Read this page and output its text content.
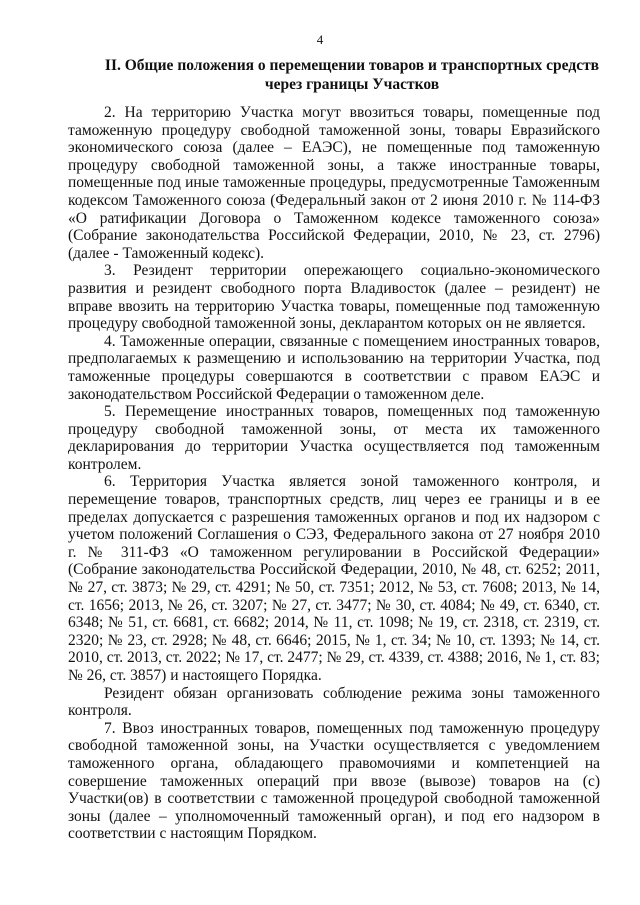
4
II. Общие положения о перемещении товаров и транспортных средств
через границы Участков

2. На территорию Участка могут ввозиться товары, помещенные под таможенную процедуру свободной таможенной зоны, товары Евразийского экономического союза (далее – ЕАЭС), не помещенные под таможенную процедуру свободной таможенной зоны, а также иностранные товары, помещенные под иные таможенные процедуры, предусмотренные Таможенным кодексом Таможенного союза (Федеральный закон от 2 июня 2010 г. № 114-ФЗ «О ратификации Договора о Таможенном кодексе таможенного союза» (Собрание законодательства Российской Федерации, 2010, № 23, ст. 2796) (далее - Таможенный кодекс).

3. Резидент территории опережающего социально-экономического развития и резидент свободного порта Владивосток (далее – резидент) не вправе ввозить на территорию Участка товары, помещенные под таможенную процедуру свободной таможенной зоны, декларантом которых он не является.

4. Таможенные операции, связанные с помещением иностранных товаров, предполагаемых к размещению и использованию на территории Участка, под таможенные процедуры совершаются в соответствии с правом ЕАЭС и законодательством Российской Федерации о таможенном деле.

5. Перемещение иностранных товаров, помещенных под таможенную процедуру свободной таможенной зоны, от места их таможенного декларирования до территории Участка осуществляется под таможенным контролем.

6. Территория Участка является зоной таможенного контроля, и перемещение товаров, транспортных средств, лиц через ее границы и в ее пределах допускается с разрешения таможенных органов и под их надзором с учетом положений Соглашения о СЭЗ, Федерального закона от 27 ноября 2010 г. № 311-ФЗ «О таможенном регулировании в Российской Федерации» (Собрание законодательства Российской Федерации, 2010, № 48, ст. 6252; 2011, № 27, ст. 3873; № 29, ст. 4291; № 50, ст. 7351; 2012, № 53, ст. 7608; 2013, № 14, ст. 1656; 2013, № 26, ст. 3207; № 27, ст. 3477; № 30, ст. 4084; № 49, ст. 6340, ст. 6348; № 51, ст. 6681, ст. 6682; 2014, № 11, ст. 1098; № 19, ст. 2318, ст. 2319, ст. 2320; № 23, ст. 2928; № 48, ст. 6646; 2015, № 1, ст. 34; № 10, ст. 1393; № 14, ст. 2010, ст. 2013, ст. 2022; № 17, ст. 2477; № 29, ст. 4339, ст. 4388; 2016, № 1, ст. 83; № 26, ст. 3857) и настоящего Порядка.

Резидент обязан организовать соблюдение режима зоны таможенного контроля.

7. Ввоз иностранных товаров, помещенных под таможенную процедуру свободной таможенной зоны, на Участки осуществляется с уведомлением таможенного органа, обладающего правомочиями и компетенцией на совершение таможенных операций при ввозе (вывозе) товаров на (с) Участки(ов) в соответствии с таможенной процедурой свободной таможенной зоны (далее – уполномоченный таможенный орган), и под его надзором в соответствии с настоящим Порядком.
